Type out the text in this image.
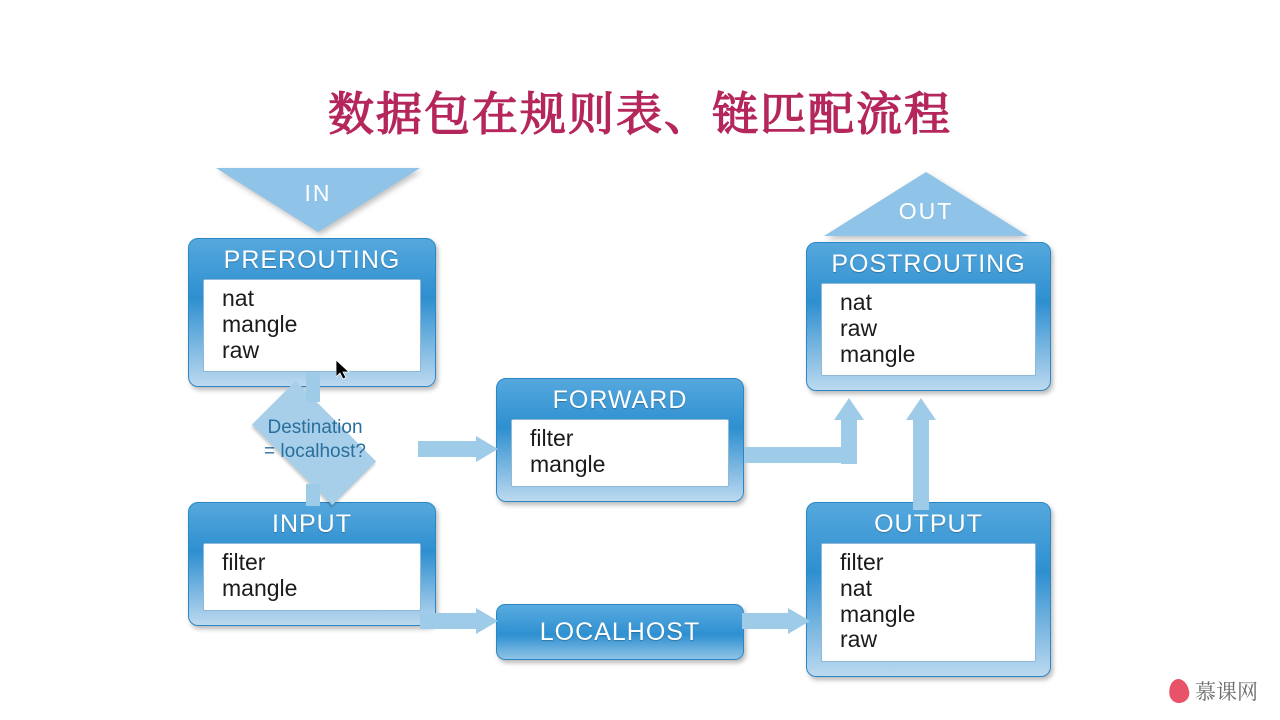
数据包在规则表、链匹配流程
IN
OUT
PREROUTING
nat
mangle
raw
POSTROUTING
nat
raw
mangle
FORWARD
filter
mangle
INPUT
filter
mangle
OUTPUT
filter
nat
mangle
raw
LOCALHOST
Destination
= localhost?
慕课网
